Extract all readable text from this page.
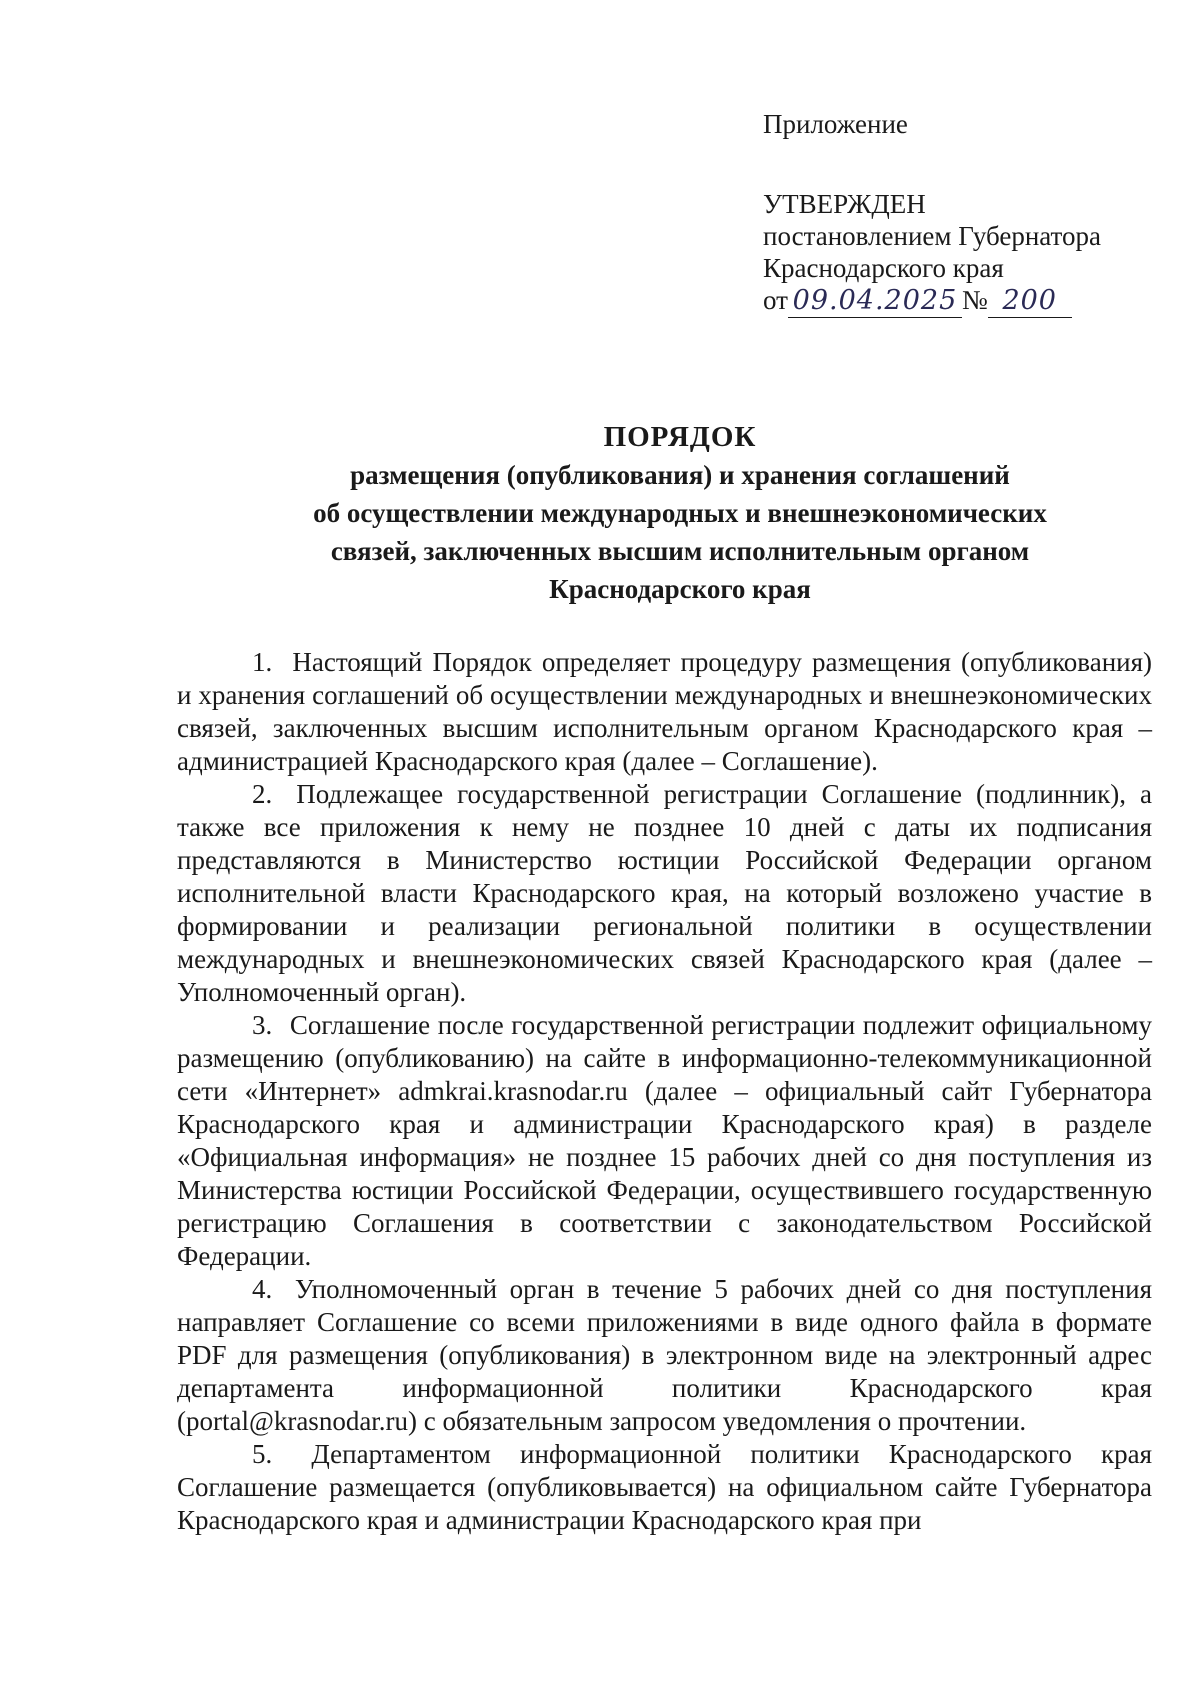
Приложение
УТВЕРЖДЕН
постановлением Губернатора
Краснодарского края
от 09.04.2025 № 200
ПОРЯДОК
размещения (опубликования) и хранения соглашений
об осуществлении международных и внешнеэкономических
связей, заключенных высшим исполнительным органом
Краснодарского края

1. Настоящий Порядок определяет процедуру размещения (опубликования) и хранения соглашений об осуществлении международных и внешнеэкономических связей, заключенных высшим исполнительным органом Краснодарского края – администрацией Краснодарского края (далее – Соглашение).

2. Подлежащее государственной регистрации Соглашение (подлинник), а также все приложения к нему не позднее 10 дней с даты их подписания представляются в Министерство юстиции Российской Федерации органом исполнительной власти Краснодарского края, на который возложено участие в формировании и реализации региональной политики в осуществлении международных и внешнеэкономических связей Краснодарского края (далее – Уполномоченный орган).

3. Соглашение после государственной регистрации подлежит официальному размещению (опубликованию) на сайте в информационно-телекоммуникационной сети «Интернет» admkrai.krasnodar.ru (далее – официальный сайт Губернатора Краснодарского края и администрации Краснодарского края) в разделе «Официальная информация» не позднее 15 рабочих дней со дня поступления из Министерства юстиции Российской Федерации, осуществившего государственную регистрацию Соглашения в соответствии с законодательством Российской Федерации.

4. Уполномоченный орган в течение 5 рабочих дней со дня поступления направляет Соглашение со всеми приложениями в виде одного файла в формате PDF для размещения (опубликования) в электронном виде на электронный адрес департамента информационной политики Краснодарского края (portal@krasnodar.ru) с обязательным запросом уведомления о прочтении.

5. Департаментом информационной политики Краснодарского края Соглашение размещается (опубликовывается) на официальном сайте Губернатора Краснодарского края и администрации Краснодарского края при
